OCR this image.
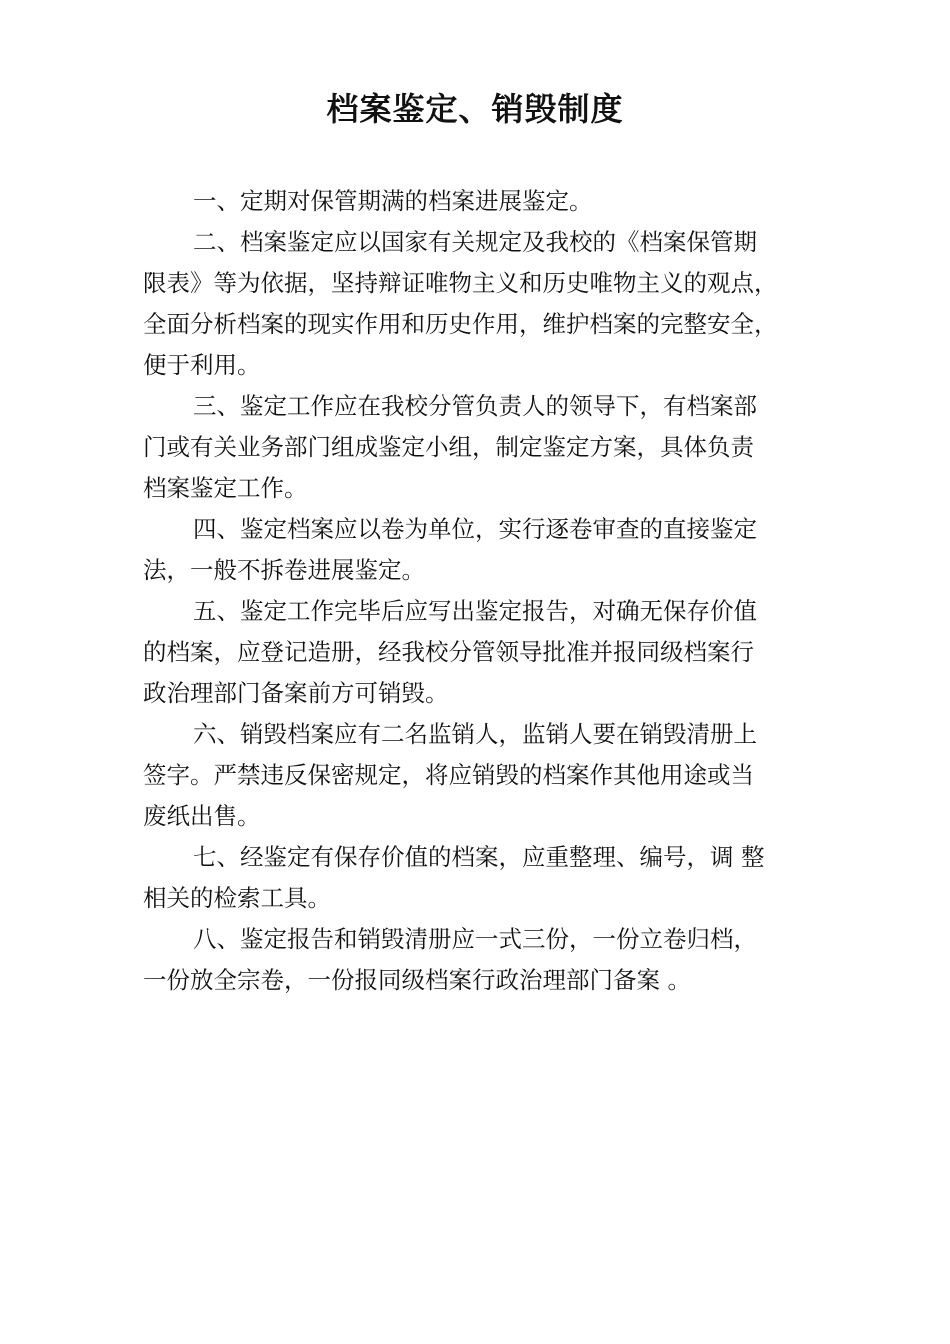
档案鉴定、销毁制度

一、定期对保管期满的档案进展鉴定。

二、档案鉴定应以国家有关规定及我校的《档案保管期
限表》等为依据，坚持辩证唯物主义和历史唯物主义的观点，
全面分析档案的现实作用和历史作用，维护档案的完整安全，
便于利用。

三、鉴定工作应在我校分管负责人的领导下，有档案部
门或有关业务部门组成鉴定小组，制定鉴定方案，具体负责
档案鉴定工作。

四、鉴定档案应以卷为单位，实行逐卷审查的直接鉴定
法，一般不拆卷进展鉴定。

五、鉴定工作完毕后应写出鉴定报告，对确无保存价值
的档案，应登记造册，经我校分管领导批准并报同级档案行
政治理部门备案前方可销毁。

六、销毁档案应有二名监销人，监销人要在销毁清册上
签字。严禁违反保密规定，将应销毁的档案作其他用途或当
废纸出售。

七、经鉴定有保存价值的档案，应重整理、编号，调 整
相关的检索工具。

八、鉴定报告和销毁清册应一式三份，一份立卷归档，
一份放全宗卷，一份报同级档案行政治理部门备案 。
